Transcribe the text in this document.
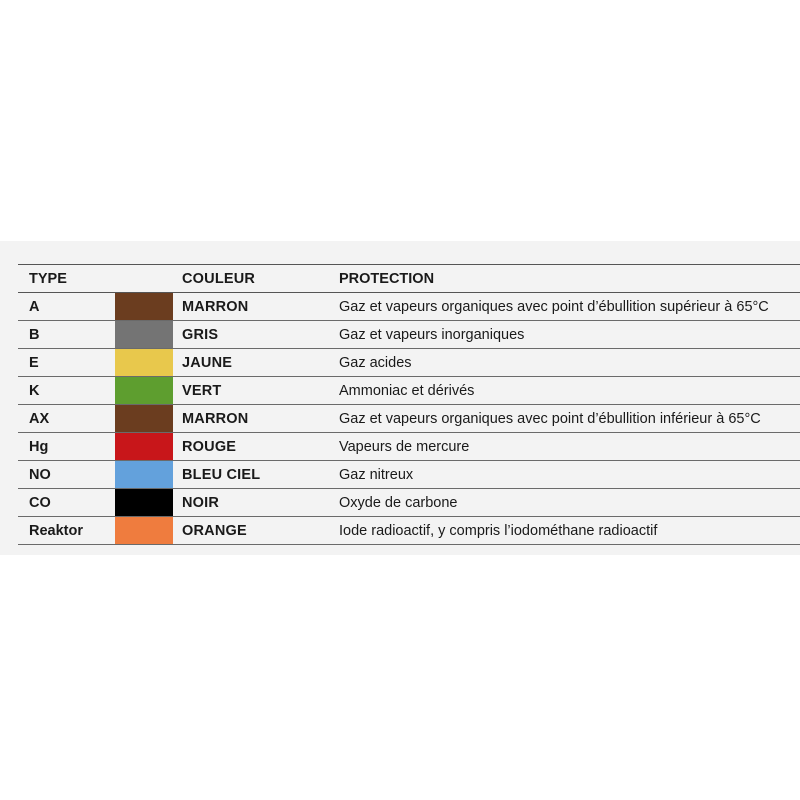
TYPE	COULEUR	PROTECTION
A	MARRON	Gaz et vapeurs organiques avec point d’ébullition supérieur à 65°C
B	GRIS	Gaz et vapeurs inorganiques
E	JAUNE	Gaz acides
K	VERT	Ammoniac et dérivés
AX	MARRON	Gaz et vapeurs organiques avec point d’ébullition inférieur à 65°C
Hg	ROUGE	Vapeurs de mercure
NO	BLEU CIEL	Gaz nitreux
CO	NOIR	Oxyde de carbone
Reaktor	ORANGE	Iode radioactif, y compris l’iodométhane radioactif
